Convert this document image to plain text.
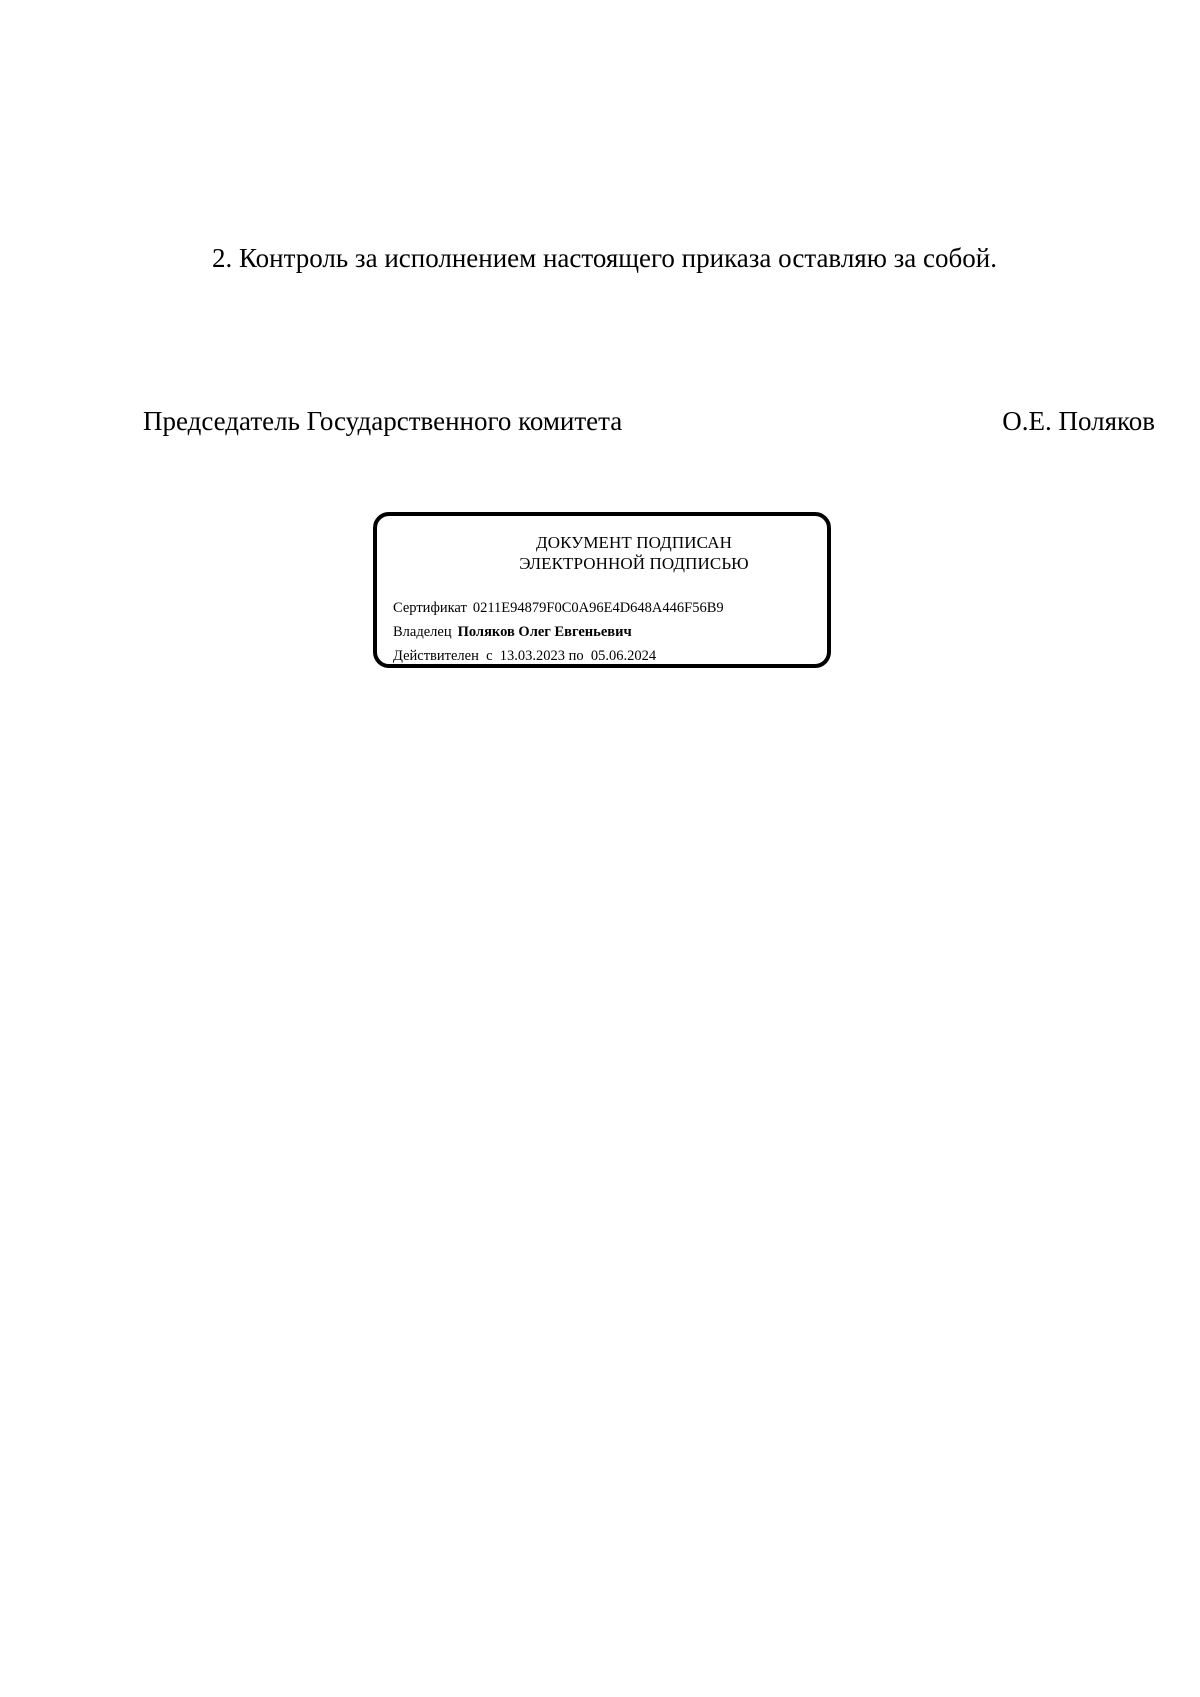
2. Контроль за исполнением настоящего приказа оставляю за собой.
Председатель Государственного комитета	О.Е. Поляков
ДОКУМЕНТ ПОДПИСАН
ЭЛЕКТРОННОЙ ПОДПИСЬЮ
Сертификат 0211E94879F0C0A96E4D648A446F56B9
Владелец Поляков Олег Евгеньевич
Действителен  с  13.03.2023 по  05.06.2024
